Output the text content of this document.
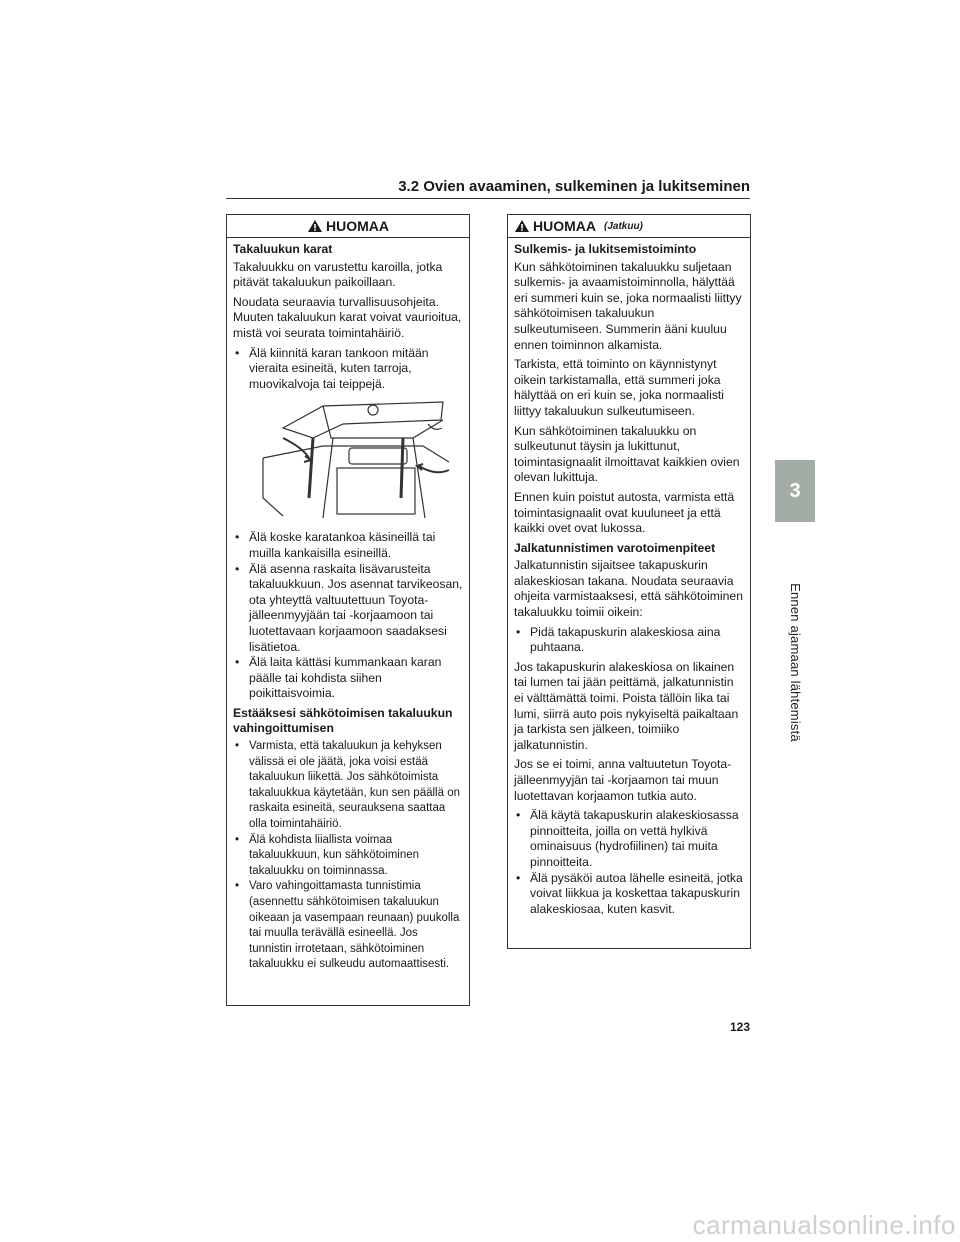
3.2 Ovien avaaminen, sulkeminen ja lukitseminen
3
Ennen ajamaan lähtemistä
HUOMAA

Takaluukun karat

Takaluukku on varustettu karoilla, jotka pitävät takaluukun paikoillaan.

Noudata seuraavia turvallisuusohjeita. Muuten takaluukun karat voivat vaurioitua, mistä voi seurata toimintahäiriö.

• Älä kiinnitä karan tankoon mitään vieraita esineitä, kuten tarroja, muovikalvoja tai teippejä.
• Älä koske karatankoa käsineillä tai muilla kankaisilla esineillä.
• Älä asenna raskaita lisävarusteita takaluukkuun. Jos asennat tarvikeosan, ota yhteyttä valtuutettuun Toyota-jälleenmyyjään tai -korjaamoon tai luotettavaan korjaamoon saadaksesi lisätietoa.
• Älä laita kättäsi kummankaan karan päälle tai kohdista siihen poikittaisvoimia.

Estääksesi sähkötoimisen takaluukun vahingoittumisen

• Varmista, että takaluukun ja kehyksen välissä ei ole jäätä, joka voisi estää takaluukun liikettä. Jos sähkötoimista takaluukkua käytetään, kun sen päällä on raskaita esineitä, seurauksena saattaa olla toimintahäiriö.
• Älä kohdista liiallista voimaa takaluukkuun, kun sähkötoiminen takaluukku on toiminnassa.
• Varo vahingoittamasta tunnistimia (asennettu sähkötoimisen takaluukun oikeaan ja vasempaan reunaan) puukolla tai muulla terävällä esineellä. Jos tunnistin irrotetaan, sähkötoiminen takaluukku ei sulkeudu automaattisesti.
HUOMAA (Jatkuu)

Sulkemis- ja lukitsemistoiminto

Kun sähkötoiminen takaluukku suljetaan sulkemis- ja avaamistoiminnolla, hälyttää eri summeri kuin se, joka normaalisti liittyy sähkötoimisen takaluukun sulkeutumiseen. Summerin ääni kuuluu ennen toiminnon alkamista.

Tarkista, että toiminto on käynnistynyt oikein tarkistamalla, että summeri joka hälyttää on eri kuin se, joka normaalisti liittyy takaluukun sulkeutumiseen.

Kun sähkötoiminen takaluukku on sulkeutunut täysin ja lukittunut, toimintasignaalit ilmoittavat kaikkien ovien olevan lukittuja.

Ennen kuin poistut autosta, varmista että toimintasignaalit ovat kuuluneet ja että kaikki ovet ovat lukossa.

Jalkatunnistimen varotoimenpiteet

Jalkatunnistin sijaitsee takapuskurin alakeskiosan takana. Noudata seuraavia ohjeita varmistaaksesi, että sähkötoiminen takaluukku toimii oikein:

• Pidä takapuskurin alakeskiosa aina puhtaana.

Jos takapuskurin alakeskiosa on likainen tai lumen tai jään peittämä, jalkatunnistin ei välttämättä toimi. Poista tällöin lika tai lumi, siirrä auto pois nykyiseltä paikaltaan ja tarkista sen jälkeen, toimiiko jalkatunnistin.

Jos se ei toimi, anna valtuutetun Toyota-jälleenmyyjän tai -korjaamon tai muun luotettavan korjaamon tutkia auto.

• Älä käytä takapuskurin alakeskiosassa pinnoitteita, joilla on vettä hylkivä ominaisuus (hydrofiilinen) tai muita pinnoitteita.
• Älä pysäköi autoa lähelle esineitä, jotka voivat liikkua ja koskettaa takapuskurin alakeskiosaa, kuten kasvit.
123
carmanualsonline.info
